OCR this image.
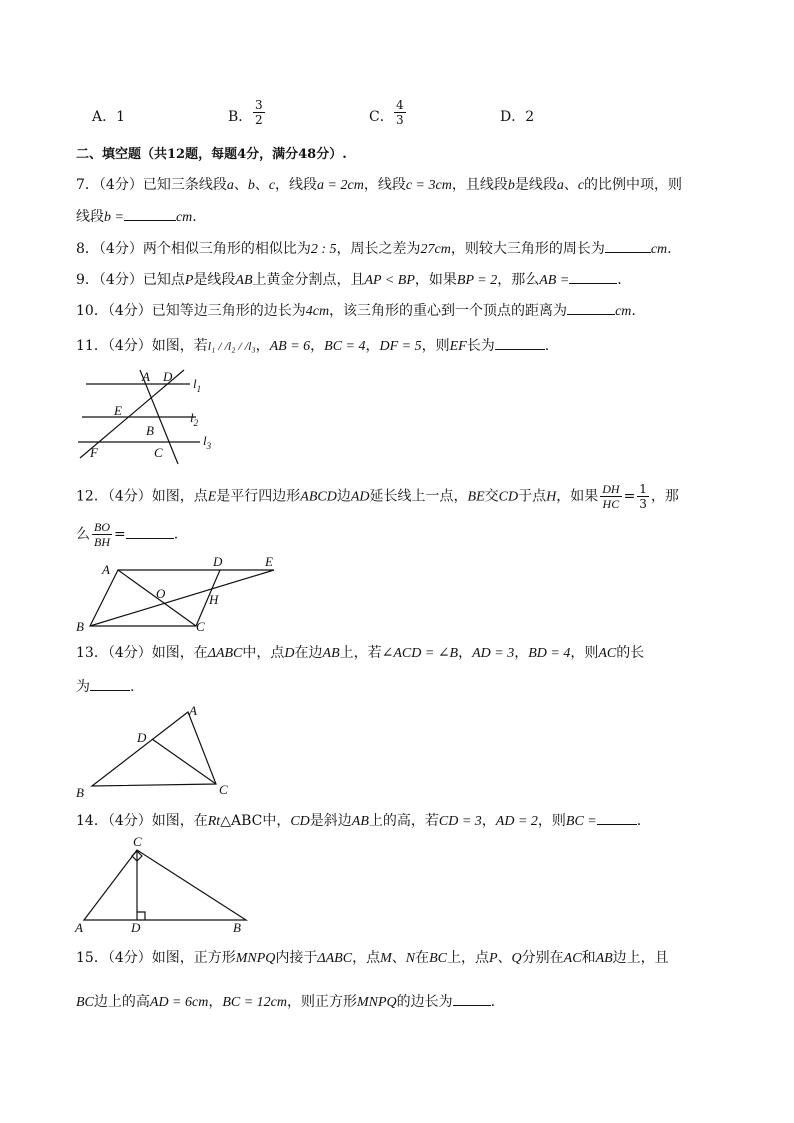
A．1	B． $\frac{3}{2}$	C． $\frac{4}{3}$	D．2
二、填空题（共12题，每题4分，满分48分）.
7．（4分）已知三条线段a、b、c，线段a = 2cm，线段c = 3cm，且线段b是线段a、c的比例中项，则
线段b =	cm.
8．（4分）两个相似三角形的相似比为2 : 5，周长之差为27cm，则较大三角形的周长为	cm.
9．（4分）已知点P是线段AB上黄金分割点，且AP < BP，如果BP = 2，那么AB =	.
10．（4分）已知等边三角形的边长为4cm，该三角形的重心到一个顶点的距离为	cm.
11．（4分）如图，若l₁ / /l₂ / /l₃，AB = 6，BC = 4，DF = 5，则EF长为	.
A D
E
B
F	C
$l_1$
$l_2$
$l_3$
12．（4分）如图，点E是平行四边形ABCD边AD延长线上一点，BE交CD于点H，如果 $\frac{DH}{HC} = \frac{1}{3}$ ，那
么 $\frac{BO}{BH}$ =	.
A
D	E
O	H
B	C
13．（4分）如图，在ΔABC中，点D在边AB上，若∠ACD = ∠B，AD = 3，BD = 4，则AC的长
为	.
A
D
B	C
14．（4分）如图，在Rt△ABC中，CD是斜边AB上的高，若CD = 3，AD = 2，则BC =	.
C
A	D	B
15．（4分）如图，正方形MNPQ内接于ΔABC，点M、N在BC上，点P、Q分别在AC和AB边上，且
BC边上的高AD = 6cm，BC = 12cm，则正方形MNPQ的边长为	.
